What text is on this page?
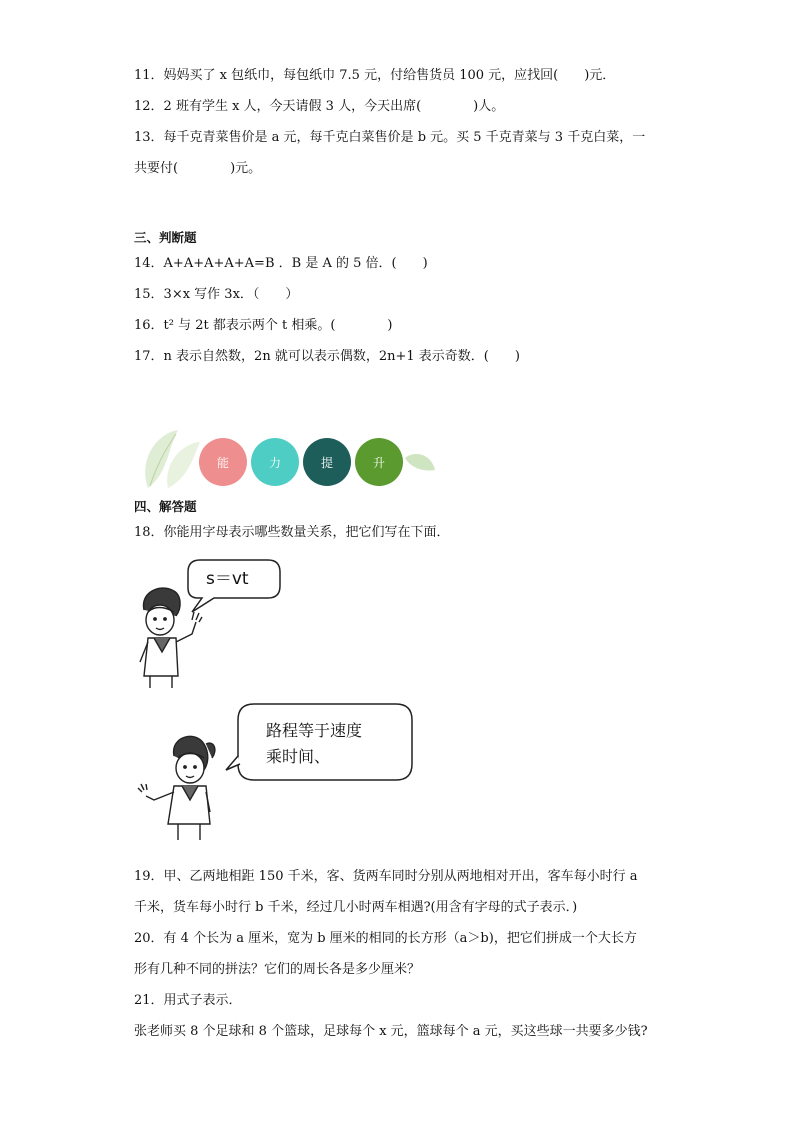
11．妈妈买了 x 包纸巾，每包纸巾 7.5 元，付给售货员 100 元，应找回(　　)元．
12．2 班有学生 x 人，今天请假 3 人，今天出席(　　　　)人。
13．每千克青菜售价是 a 元，每千克白菜售价是 b 元。买 5 千克青菜与 3 千克白菜，一
共要付(　　　　)元。
三、判断题
14．A+A+A+A+A=B ．B 是 A 的 5 倍．(　　)
15．3×x 写作 3x．（　　）
16．t² 与 2t 都表示两个 t 相乘。(　　　　)
17．n 表示自然数，2n 就可以表示偶数，2n+1 表示奇数．(　　)
能	力	提	升
四、解答题
18．你能用字母表示哪些数量关系，把它们写在下面．
s＝vt
路程等于速度
乘时间、
19．甲、乙两地相距 150 千米，客、货两车同时分别从两地相对开出，客车每小时行 a
千米，货车每小时行 b 千米，经过几小时两车相遇?(用含有字母的式子表示．)
20．有 4 个长为 a 厘米，宽为 b 厘米的相同的长方形（a＞b)，把它们拼成一个大长方
形有几种不同的拼法？它们的周长各是多少厘米？
21．用式子表示．
张老师买 8 个足球和 8 个篮球，足球每个 x 元，篮球每个 a 元，买这些球一共要多少钱?
